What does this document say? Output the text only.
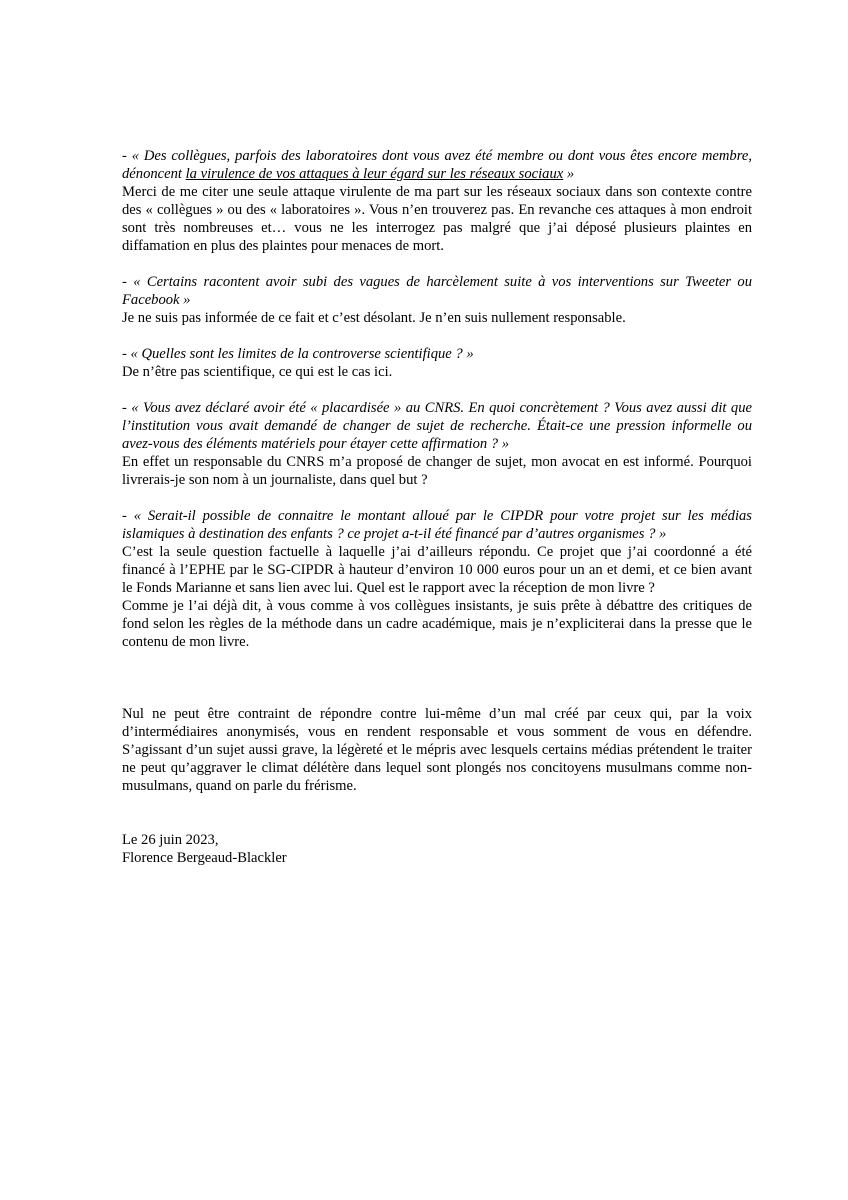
- « Des collègues, parfois des laboratoires dont vous avez été membre ou dont vous êtes encore membre, dénoncent la virulence de vos attaques à leur égard sur les réseaux sociaux »

Merci de me citer une seule attaque virulente de ma part sur les réseaux sociaux dans son contexte contre des « collègues » ou des « laboratoires ». Vous n’en trouverez pas. En revanche ces attaques à mon endroit sont très nombreuses et… vous ne les interrogez pas malgré que j’ai déposé plusieurs plaintes en diffamation en plus des plaintes pour menaces de mort.

- « Certains racontent avoir subi des vagues de harcèlement suite à vos interventions sur Tweeter ou Facebook »

Je ne suis pas informée de ce fait et c’est désolant. Je n’en suis nullement responsable.

- « Quelles sont les limites de la controverse scientifique ? »

De n’être pas scientifique, ce qui est le cas ici.

- « Vous avez déclaré avoir été « placardisée » au CNRS. En quoi concrètement ? Vous avez aussi dit que l’institution vous avait demandé de changer de sujet de recherche. Était-ce une pression informelle ou avez-vous des éléments matériels pour étayer cette affirmation ? »

En effet un responsable du CNRS m’a proposé de changer de sujet, mon avocat en est informé. Pourquoi livrerais-je son nom à un journaliste, dans quel but ?

- « Serait-il possible de connaitre le montant alloué par le CIPDR pour votre projet sur les médias islamiques à destination des enfants ? ce projet a-t-il été financé par d’autres organismes ? »

C’est la seule question factuelle à laquelle j’ai d’ailleurs répondu. Ce projet que j’ai coordonné a été financé à l’EPHE par le SG-CIPDR à hauteur d’environ 10 000 euros pour un an et demi, et ce bien avant le Fonds Marianne et sans lien avec lui. Quel est le rapport avec la réception de mon livre ?

Comme je l’ai déjà dit, à vous comme à vos collègues insistants, je suis prête à débattre des critiques de fond selon les règles de la méthode dans un cadre académique, mais je n’expliciterai dans la presse que le contenu de mon livre.

Nul ne peut être contraint de répondre contre lui-même d’un mal créé par ceux qui, par la voix d’intermédiaires anonymisés, vous en rendent responsable et vous somment de vous en défendre. S’agissant d’un sujet aussi grave, la légèreté et le mépris avec lesquels certains médias prétendent le traiter ne peut qu’aggraver le climat délétère dans lequel sont plongés nos concitoyens musulmans comme non-musulmans, quand on parle du frérisme.

Le 26 juin 2023,

Florence Bergeaud-Blackler
